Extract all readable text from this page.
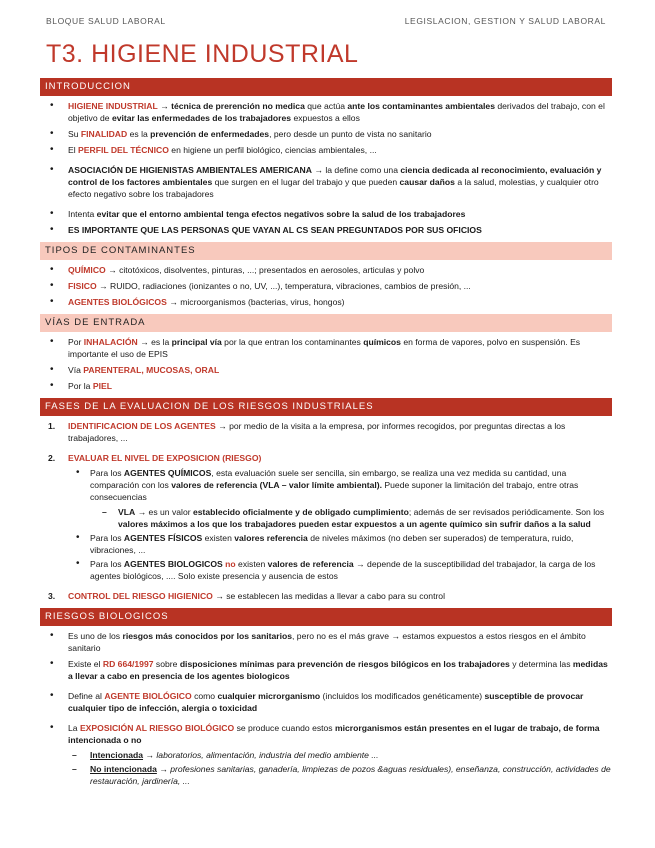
BLOQUE SALUD LABORAL	LEGISLACION, GESTION Y SALUD LABORAL
T3. HIGIENE INDUSTRIAL
INTRODUCCION
• HIGIENE INDUSTRIAL → técnica de prerención no medica que actúa ante los contaminantes ambientales derivados del trabajo, con el objetivo de evitar las enfermedades de los trabajadores expuestos a ellos
• Su FINALIDAD es la prevención de enfermedades, pero desde un punto de vista no sanitario
• El PERFIL DEL TÉCNICO en higiene un perfil biológico, ciencias ambientales, ...
• ASOCIACIÓN DE HIGIENISTAS AMBIENTALES AMERICANA → la define como una ciencia dedicada al reconocimiento, evaluación y control de los factores ambientales que surgen en el lugar del trabajo y que pueden causar daños a la salud, molestias, y cualquier otro efecto negativo sobre los trabajadores
• Intenta evitar que el entorno ambiental tenga efectos negativos sobre la salud de los trabajadores
• ES IMPORTANTE QUE LAS PERSONAS QUE VAYAN AL CS SEAN PREGUNTADOS POR SUS OFICIOS
TIPOS DE CONTAMINANTES
• QUÍMICO → citotóxicos, disolventes, pinturas, ...; presentados en aerosoles, articulas y polvo
• FISICO → RUIDO, radiaciones (ionizantes o no, UV, ...), temperatura, vibraciones, cambios de presión, ...
• AGENTES BIOLÓGICOS → microorganismos (bacterias, virus, hongos)
VÍAS DE ENTRADA
• Por INHALACIÓN → es la principal vía por la que entran los contaminantes químicos en forma de vapores, polvo en suspensión. Es importante el uso de EPIS
• Vía PARENTERAL, MUCOSAS, ORAL
• Por la PIEL
FASES DE LA EVALUACION DE LOS RIESGOS INDUSTRIALES
1. IDENTIFICACION DE LOS AGENTES → por medio de la visita a la empresa, por informes recogidos, por preguntas directas a los trabajadores, ...
2. EVALUAR EL NIVEL DE EXPOSICION (RIESGO)
• Para los AGENTES QUÍMICOS, esta evaluación suele ser sencilla, sin embargo, se realiza una vez medida su cantidad, una comparación con los valores de referencia (VLA – valor límite ambiental). Puede suponer la limitación del trabajo, entre otras consecuencias
– VLA → es un valor establecido oficialmente y de obligado cumplimiento; además de ser revisados periódicamente. Son los valores máximos a los que los trabajadores pueden estar expuestos a un agente químico sin sufrir daños a la salud
• Para los AGENTES FÍSICOS existen valores referencia de niveles máximos (no deben ser superados) de temperatura, ruido, vibraciones, ...
• Para los AGENTES BIOLOGICOS no existen valores de referencia → depende de la susceptibilidad del trabajador, la carga de los agentes biológicos, .... Solo existe presencia y ausencia de estos
3. CONTROL DEL RIESGO HIGIENICO → se establecen las medidas a llevar a cabo para su control
RIESGOS BIOLOGICOS
• Es uno de los riesgos más conocidos por los sanitarios, pero no es el más grave → estamos expuestos a estos riesgos en el ámbito sanitario
• Existe el RD 664/1997 sobre disposiciones mínimas para prevención de riesgos bilógicos en los trabajadores y determina las medidas a llevar a cabo en presencia de los agentes biologicos
• Define al AGENTE BIOLÓGICO como cualquier microrganismo (incluidos los modificados genéticamente) susceptible de provocar cualquier tipo de infección, alergia o toxicidad
• La EXPOSICIÓN AL RIESGO BIOLÓGICO se produce cuando estos microrganismos están presentes en el lugar de trabajo, de forma intencionada o no
– Intencionada → laboratorios, alimentación, industria del medio ambiente ...
– No intencionada → profesiones sanitarias, ganadería, limpiezas de pozos &aguas residuales), enseñanza, construcción, actividades de restauración, jardinería, ...
